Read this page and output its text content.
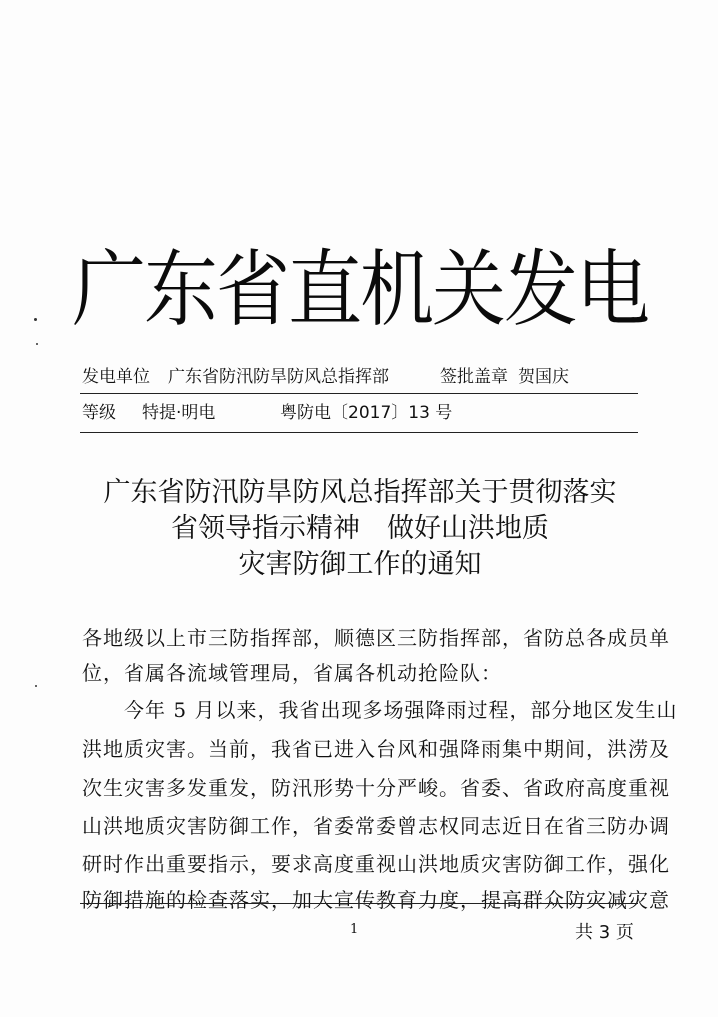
广东省直机关发电
发电单位 广东省防汛防旱防风总指挥部	签批盖章 贺国庆
等级 特提·明电	粤防电〔2017〕13 号
广东省防汛防旱防风总指挥部关于贯彻落实
省领导指示精神　做好山洪地质
灾害防御工作的通知
各地级以上市三防指挥部，顺德区三防指挥部，省防总各成员单
位，省属各流域管理局，省属各机动抢险队：
　　今年 5 月以来，我省出现多场强降雨过程，部分地区发生山
洪地质灾害。当前，我省已进入台风和强降雨集中期间，洪涝及
次生灾害多发重发，防汛形势十分严峻。省委、省政府高度重视
山洪地质灾害防御工作，省委常委曾志权同志近日在省三防办调
研时作出重要指示，要求高度重视山洪地质灾害防御工作，强化
防御措施的检查落实，加大宣传教育力度，提高群众防灾减灾意
1	共 3 页
